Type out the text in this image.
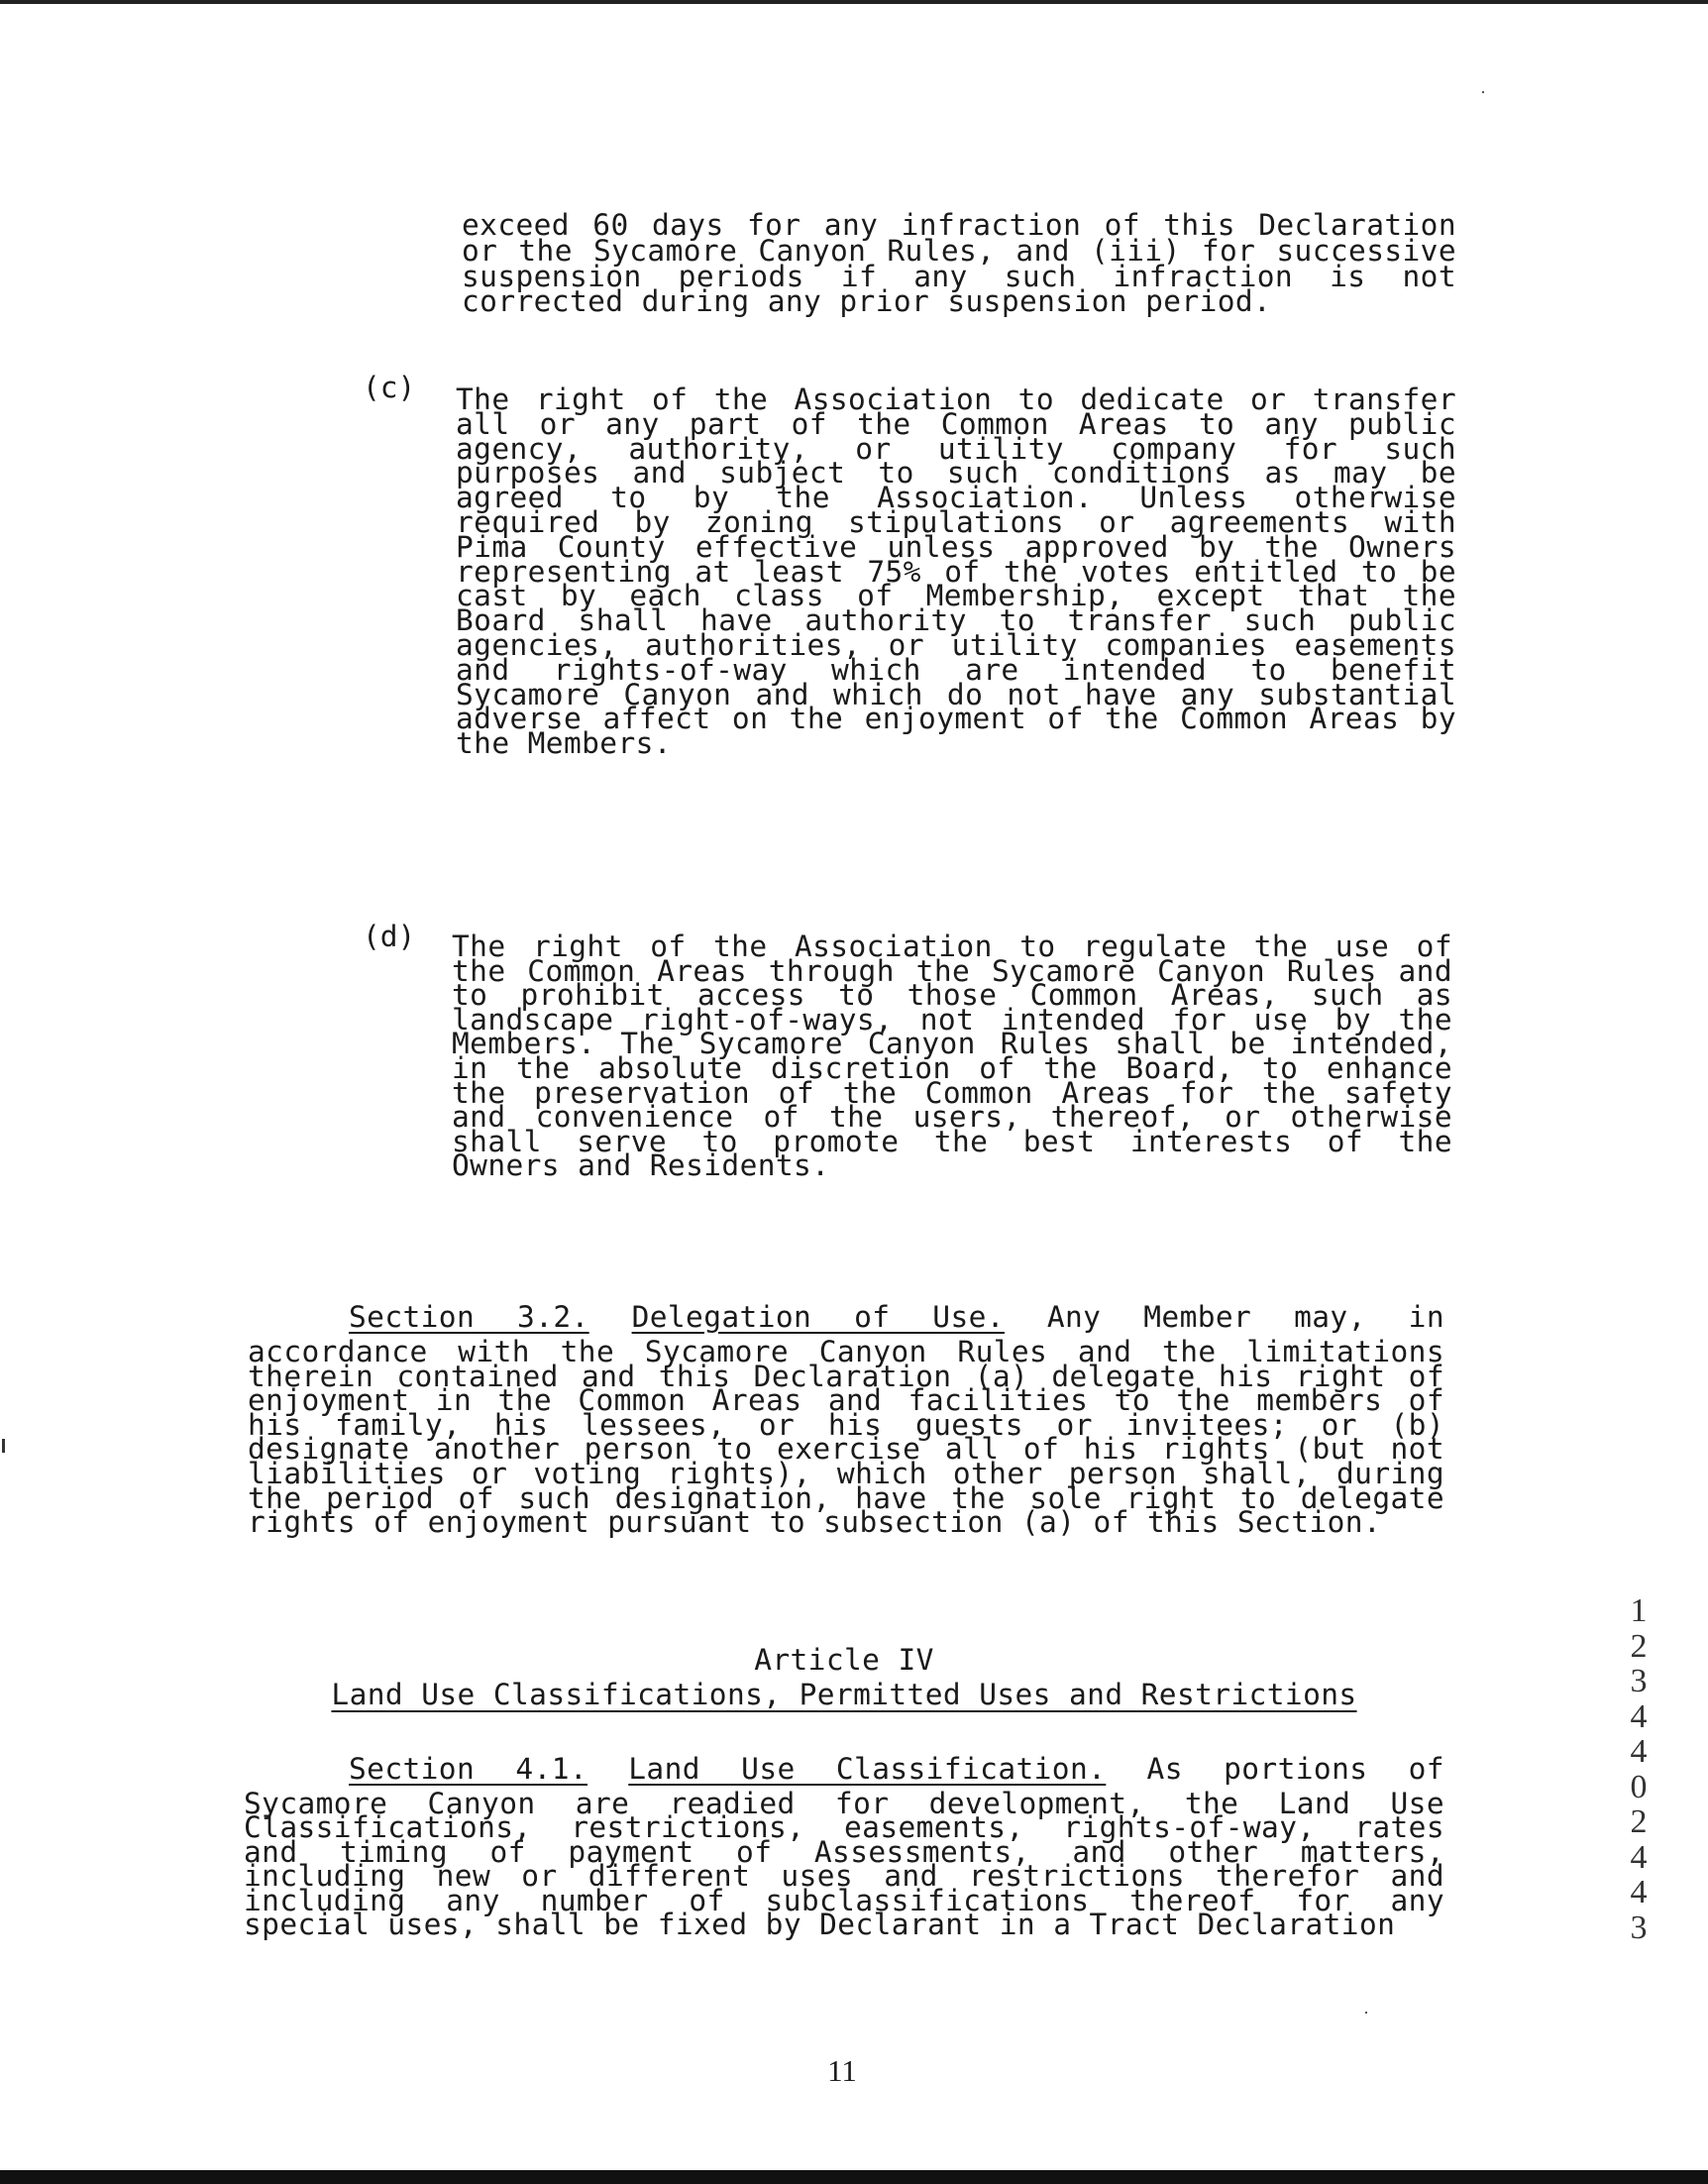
exceed 60 days for any infraction of this Declaration
or the Sycamore Canyon Rules, and (iii) for successive
suspension periods if any such infraction is not
corrected during any prior suspension period.
(c) The right of the Association to dedicate or transfer
all or any part of the Common Areas to any public
agency, authority, or utility company for such
purposes and subject to such conditions as may be
agreed to by the Association. Unless otherwise
required by zoning stipulations or agreements with
Pima County effective unless approved by the Owners
representing at least 75% of the votes entitled to be
cast by each class of Membership, except that the
Board shall have authority to transfer such public
agencies, authorities, or utility companies easements
and rights-of-way which are intended to benefit
Sycamore Canyon and which do not have any substantial
adverse affect on the enjoyment of the Common Areas by
the Members.
(d) The right of the Association to regulate the use of
the Common Areas through the Sycamore Canyon Rules and
to prohibit access to those Common Areas, such as
landscape right-of-ways, not intended for use by the
Members. The Sycamore Canyon Rules shall be intended,
in the absolute discretion of the Board, to enhance
the preservation of the Common Areas for the safety
and convenience of the users, thereof, or otherwise
shall serve to promote the best interests of the
Owners and Residents.
Section 3.2. Delegation of Use. Any Member may, in
accordance with the Sycamore Canyon Rules and the limitations
therein contained and this Declaration (a) delegate his right of
enjoyment in the Common Areas and facilities to the members of
his family, his lessees, or his guests or invitees; or (b)
designate another person to exercise all of his rights (but not
liabilities or voting rights), which other person shall, during
the period of such designation, have the sole right to delegate
rights of enjoyment pursuant to subsection (a) of this Section.
Article IV
Land Use Classifications, Permitted Uses and Restrictions
Section 4.1. Land Use Classification. As portions of
Sycamore Canyon are readied for development, the Land Use
Classifications, restrictions, easements, rights-of-way, rates
and timing of payment of Assessments, and other matters,
including new or different uses and restrictions therefor and
including any number of subclassifications thereof for any
special uses, shall be fixed by Declarant in a Tract Declaration
11
1
2
3
4
4
0
2
4
4
3
